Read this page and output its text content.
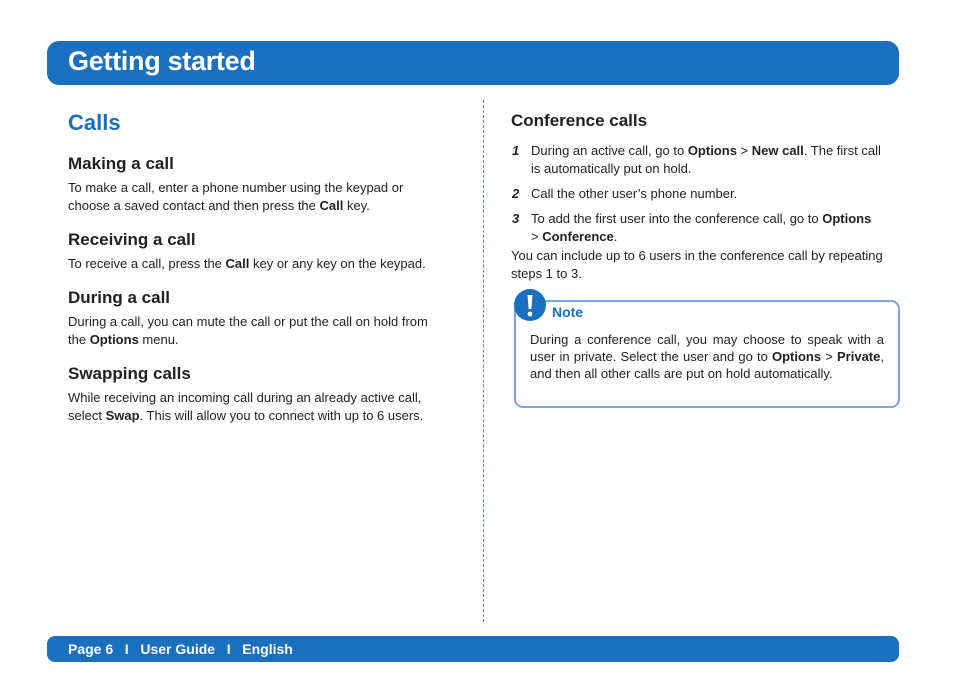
Getting started
Calls
Making a call

To make a call, enter a phone number using the keypad or
choose a saved contact and then press the Call key.

Receiving a call

To receive a call, press the Call key or any key on the keypad.

During a call

During a call, you can mute the call or put the call on hold from
the Options menu.

Swapping calls

While receiving an incoming call during an already active call,
select Swap. This will allow you to connect with up to 6 users.

Conference calls
1 During an active call, go to Options > New call. The first call
is automatically put on hold.

2 Call the other user’s phone number.

3 To add the first user into the conference call, go to Options
> Conference.

You can include up to 6 users in the conference call by repeating
steps 1 to 3.

Note

During a conference call, you may choose to speak with a user in private. Select the user and go to Options > Private, and then all other calls are put on hold automatically.

Page 6   I   User Guide   I   English
